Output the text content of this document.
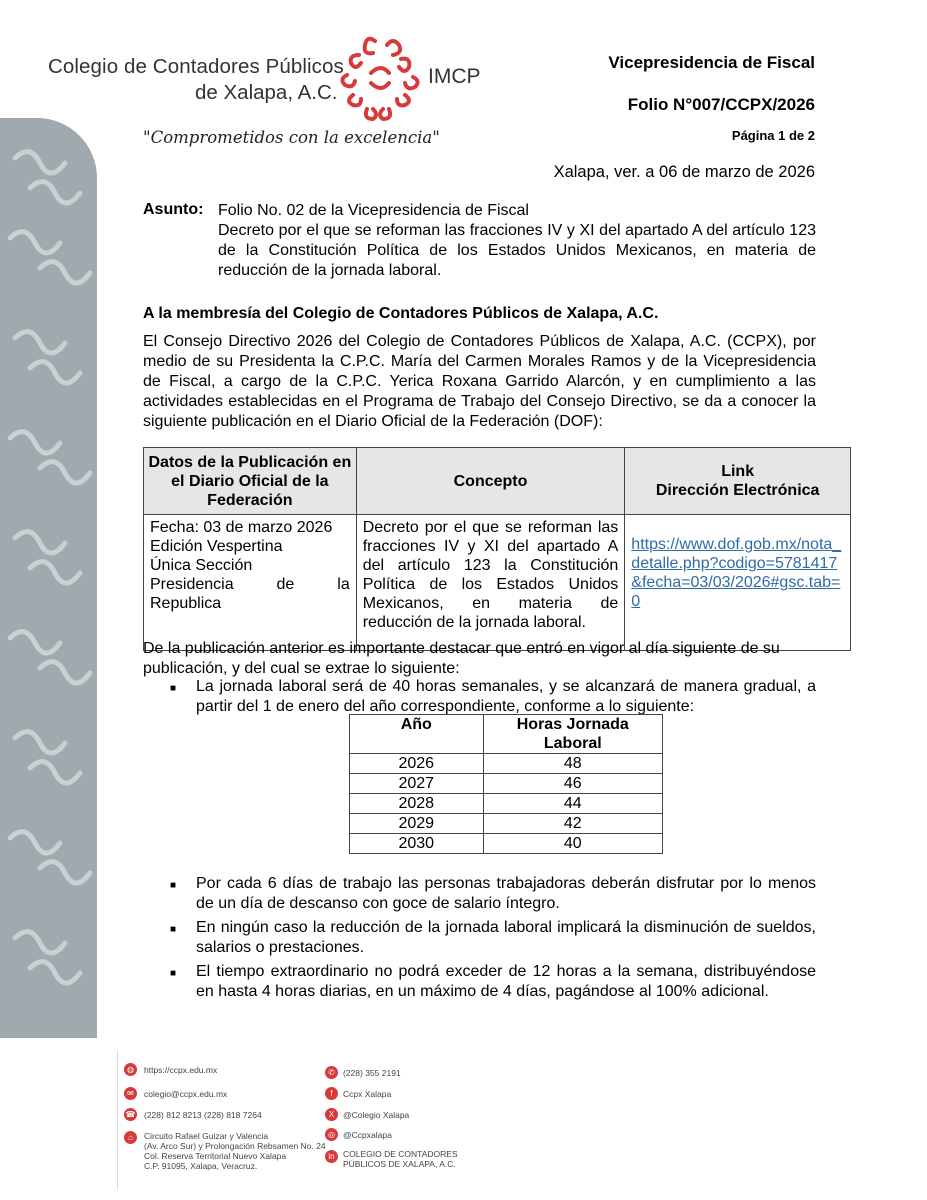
Colegio de Contadores Públicos
de Xalapa, A.C.
IMCP
"Comprometidos con la excelencia"
Vicepresidencia de Fiscal
Folio N°007/CCPX/2026
Página 1 de 2
Xalapa, ver. a 06 de marzo de 2026
Asunto: Folio No. 02 de la Vicepresidencia de Fiscal
Decreto por el que se reforman las fracciones IV y XI del apartado A del artículo 123 de la Constitución Política de los Estados Unidos Mexicanos, en materia de reducción de la jornada laboral.
A la membresía del Colegio de Contadores Públicos de Xalapa, A.C.
El Consejo Directivo 2026 del Colegio de Contadores Públicos de Xalapa, A.C. (CCPX), por medio de su Presidenta la C.P.C. María del Carmen Morales Ramos y de la Vicepresidencia de Fiscal, a cargo de la C.P.C. Yerica Roxana Garrido Alarcón, y en cumplimiento a las actividades establecidas en el Programa de Trabajo del Consejo Directivo, se da a conocer la siguiente publicación en el Diario Oficial de la Federación (DOF):
Datos de la Publicación en el Diario Oficial de la Federación	Concepto	Link
Dirección Electrónica

Fecha: 03 de marzo 2026
Edición Vespertina
Única Sección
Presidencia de la
Republica	Decreto por el que se reforman las fracciones IV y XI del apartado A del artículo 123 la Constitución Política de los Estados Unidos Mexicanos, en materia de reducción de la jornada laboral.	https://www.dof.gob.mx/nota_detalle.php?codigo=5781417&fecha=03/03/2026#gsc.tab=0
De la publicación anterior es importante destacar que entró en vigor al día siguiente de su publicación, y del cual se extrae lo siguiente:
■ La jornada laboral será de 40 horas semanales, y se alcanzará de manera gradual, a partir del 1 de enero del año correspondiente, conforme a lo siguiente:
Año	Horas Jornada Laboral
2026	48
2027	46
2028	44
2029	42
2030	40
■ Por cada 6 días de trabajo las personas trabajadoras deberán disfrutar por lo menos de un día de descanso con goce de salario íntegro.
■ En ningún caso la reducción de la jornada laboral implicará la disminución de sueldos, salarios o prestaciones.
■ El tiempo extraordinario no podrá exceder de 12 horas a la semana, distribuyéndose en hasta 4 horas diarias, en un máximo de 4 días, pagándose al 100% adicional.
◍	https://ccpx.edu.mx
✉	colegio@ccpx.edu.mx
☎ (228) 812 8213 (228) 818 7264
⌂	Circuito Rafael Guizar y Valencia
(Av. Arco Sur) y Prolongación Rebsamen No. 24
Col. Reserva Territorial Nuevo Xalapa
C.P. 91095, Xalapa, Veracruz.
✆ (228) 355 2191
f	Ccpx Xalapa
X	@Colegio Xalapa
◎ @Ccpxalapa
in COLEGIO DE CONTADORES
PÚBLICOS DE XALAPA, A.C.
